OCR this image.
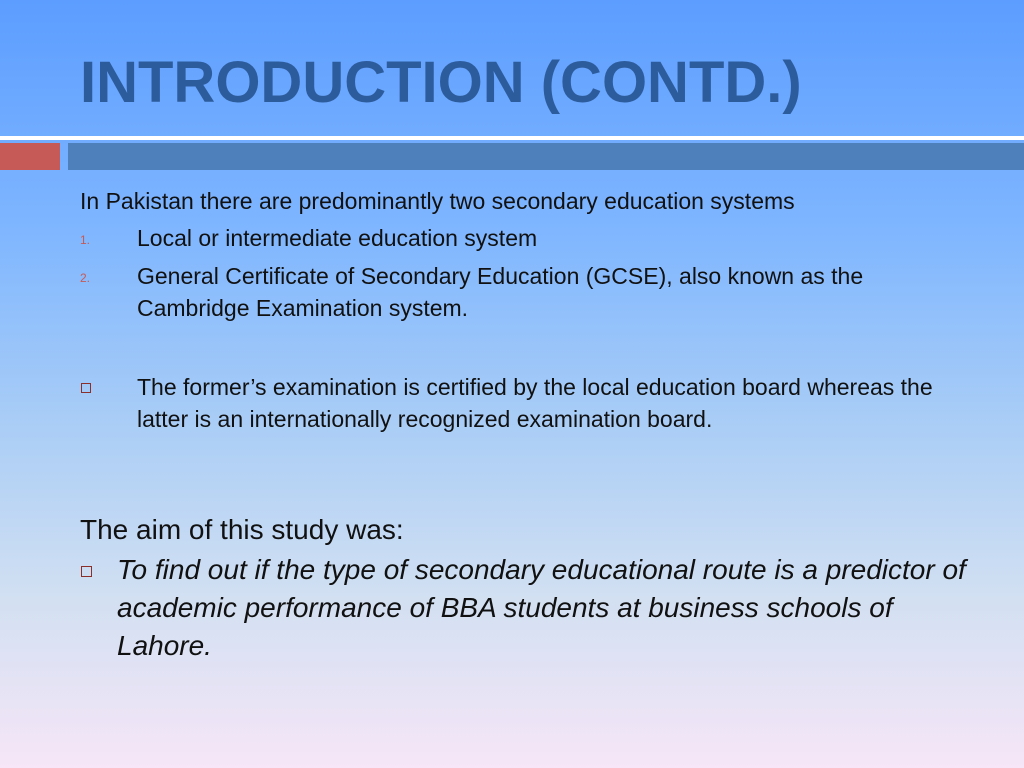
INTRODUCTION (CONTD.)

In Pakistan there are predominantly two secondary education systems

1. Local or intermediate education system
2. General Certificate of Secondary Education (GCSE), also known as the Cambridge Examination system.
The former’s examination is certified by the local education board whereas the latter is an internationally recognized examination board.

The aim of this study was:

To find out if the type of secondary educational route is a predictor of academic performance of BBA students at business schools of Lahore.
